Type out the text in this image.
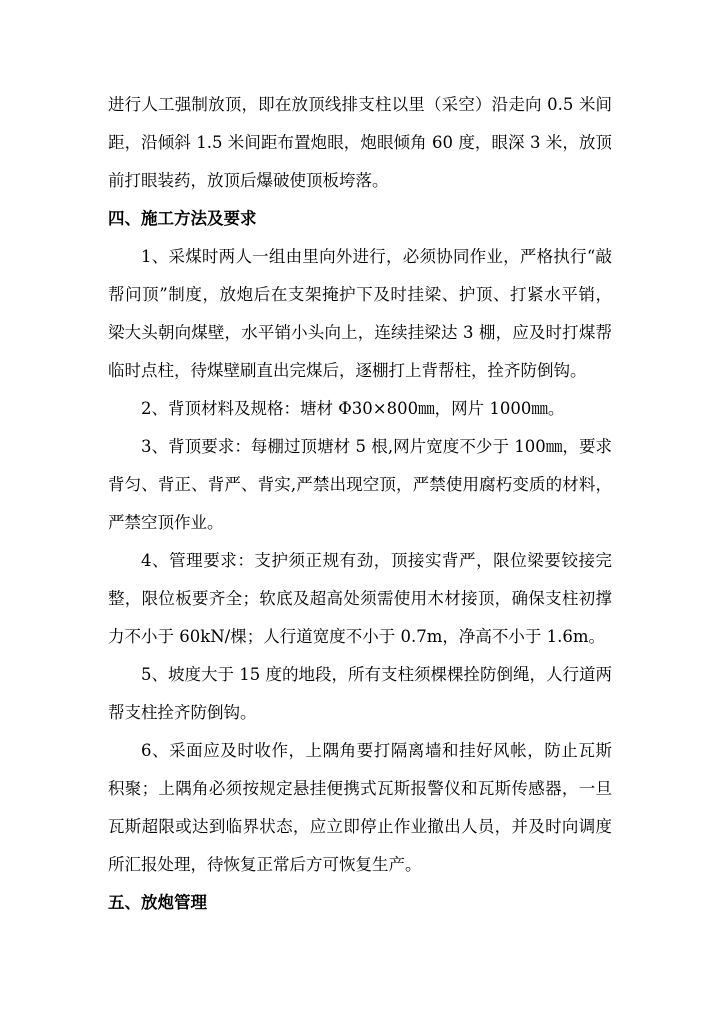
进行人工强制放顶，即在放顶线排支柱以里（采空）沿走向 0.5 米间
距，沿倾斜 1.5 米间距布置炮眼，炮眼倾角 60 度，眼深 3 米，放顶
前打眼装药，放顶后爆破使顶板垮落。
四、施工方法及要求
1、采煤时两人一组由里向外进行，必须协同作业，严格执行“敲
帮问顶”制度，放炮后在支架掩护下及时挂梁、护顶、打紧水平销，
梁大头朝向煤壁，水平销小头向上，连续挂梁达 3 棚，应及时打煤帮
临时点柱，待煤壁刷直出完煤后，逐棚打上背帮柱，拴齐防倒钩。
2、背顶材料及规格：塘材 Φ30×800㎜，网片 1000㎜。
3、背顶要求：每棚过顶塘材 5 根,网片宽度不少于 100㎜，要求
背匀、背正、背严、背实,严禁出现空顶，严禁使用腐朽变质的材料，
严禁空顶作业。
4、管理要求：支护须正规有劲，顶接实背严，限位梁要铰接完
整，限位板要齐全；软底及超高处须需使用木材接顶，确保支柱初撑
力不小于 60kN/棵；人行道宽度不小于 0.7m，净高不小于 1.6m。
5、坡度大于 15 度的地段，所有支柱须棵棵拴防倒绳，人行道两
帮支柱拴齐防倒钩。
6、采面应及时收作，上隅角要打隔离墙和挂好风帐，防止瓦斯
积聚；上隅角必须按规定悬挂便携式瓦斯报警仪和瓦斯传感器，一旦
瓦斯超限或达到临界状态，应立即停止作业撤出人员，并及时向调度
所汇报处理，待恢复正常后方可恢复生产。
五、放炮管理
